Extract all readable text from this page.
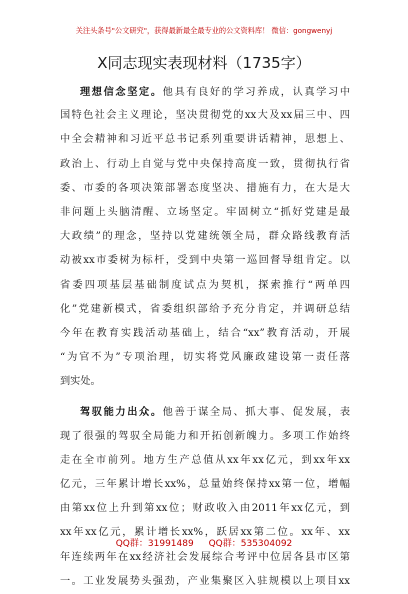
关注头条号"公文研究"，获得最新最全最专业的公文资料库！ 微信：gongwenyj
X同志现实表现材料（1735字）
理想信念坚定。他具有良好的学习养成，认真学习中
国特色社会主义理论，坚决贯彻党的xx大及xx届三中、四
中全会精神和习近平总书记系列重要讲话精神，思想上、
政治上、行动上自觉与党中央保持高度一致，贯彻执行省
委、市委的各项决策部署态度坚决、措施有力，在大是大
非问题上头脑清醒、立场坚定。牢固树立“抓好党建是最
大政绩”的理念，坚持以党建统领全局，群众路线教育活
动被xx市委树为标杆，受到中央第一巡回督导组肯定。以
省委四项基层基础制度试点为契机，探索推行“两单四
化”党建新模式，省委组织部给予充分肯定，并调研总结
今年在教育实践活动基础上，结合“xx”教育活动，开展
“为官不为”专项治理，切实将党风廉政建设第一责任落
到实处。
驾驭能力出众。他善于谋全局、抓大事、促发展，表
现了很强的驾驭全局能力和开拓创新魄力。多项工作始终
走在全市前列。地方生产总值从xx年xx亿元，到xx年xx
亿元，三年累计增长xx%，总量始终保持xx第一位，增幅
由第xx位上升到第xx位；财政收入由2011年xx亿元，到
xx年xx亿元，累计增长xx%，跃居xx第二位。xx年、xx
年连续两年在xx经济社会发展综合考评中位居各县市区第
一。工业发展势头强劲，产业集聚区入驻规模以上项目xx
QQ群：31991489 QQ群：535304092
